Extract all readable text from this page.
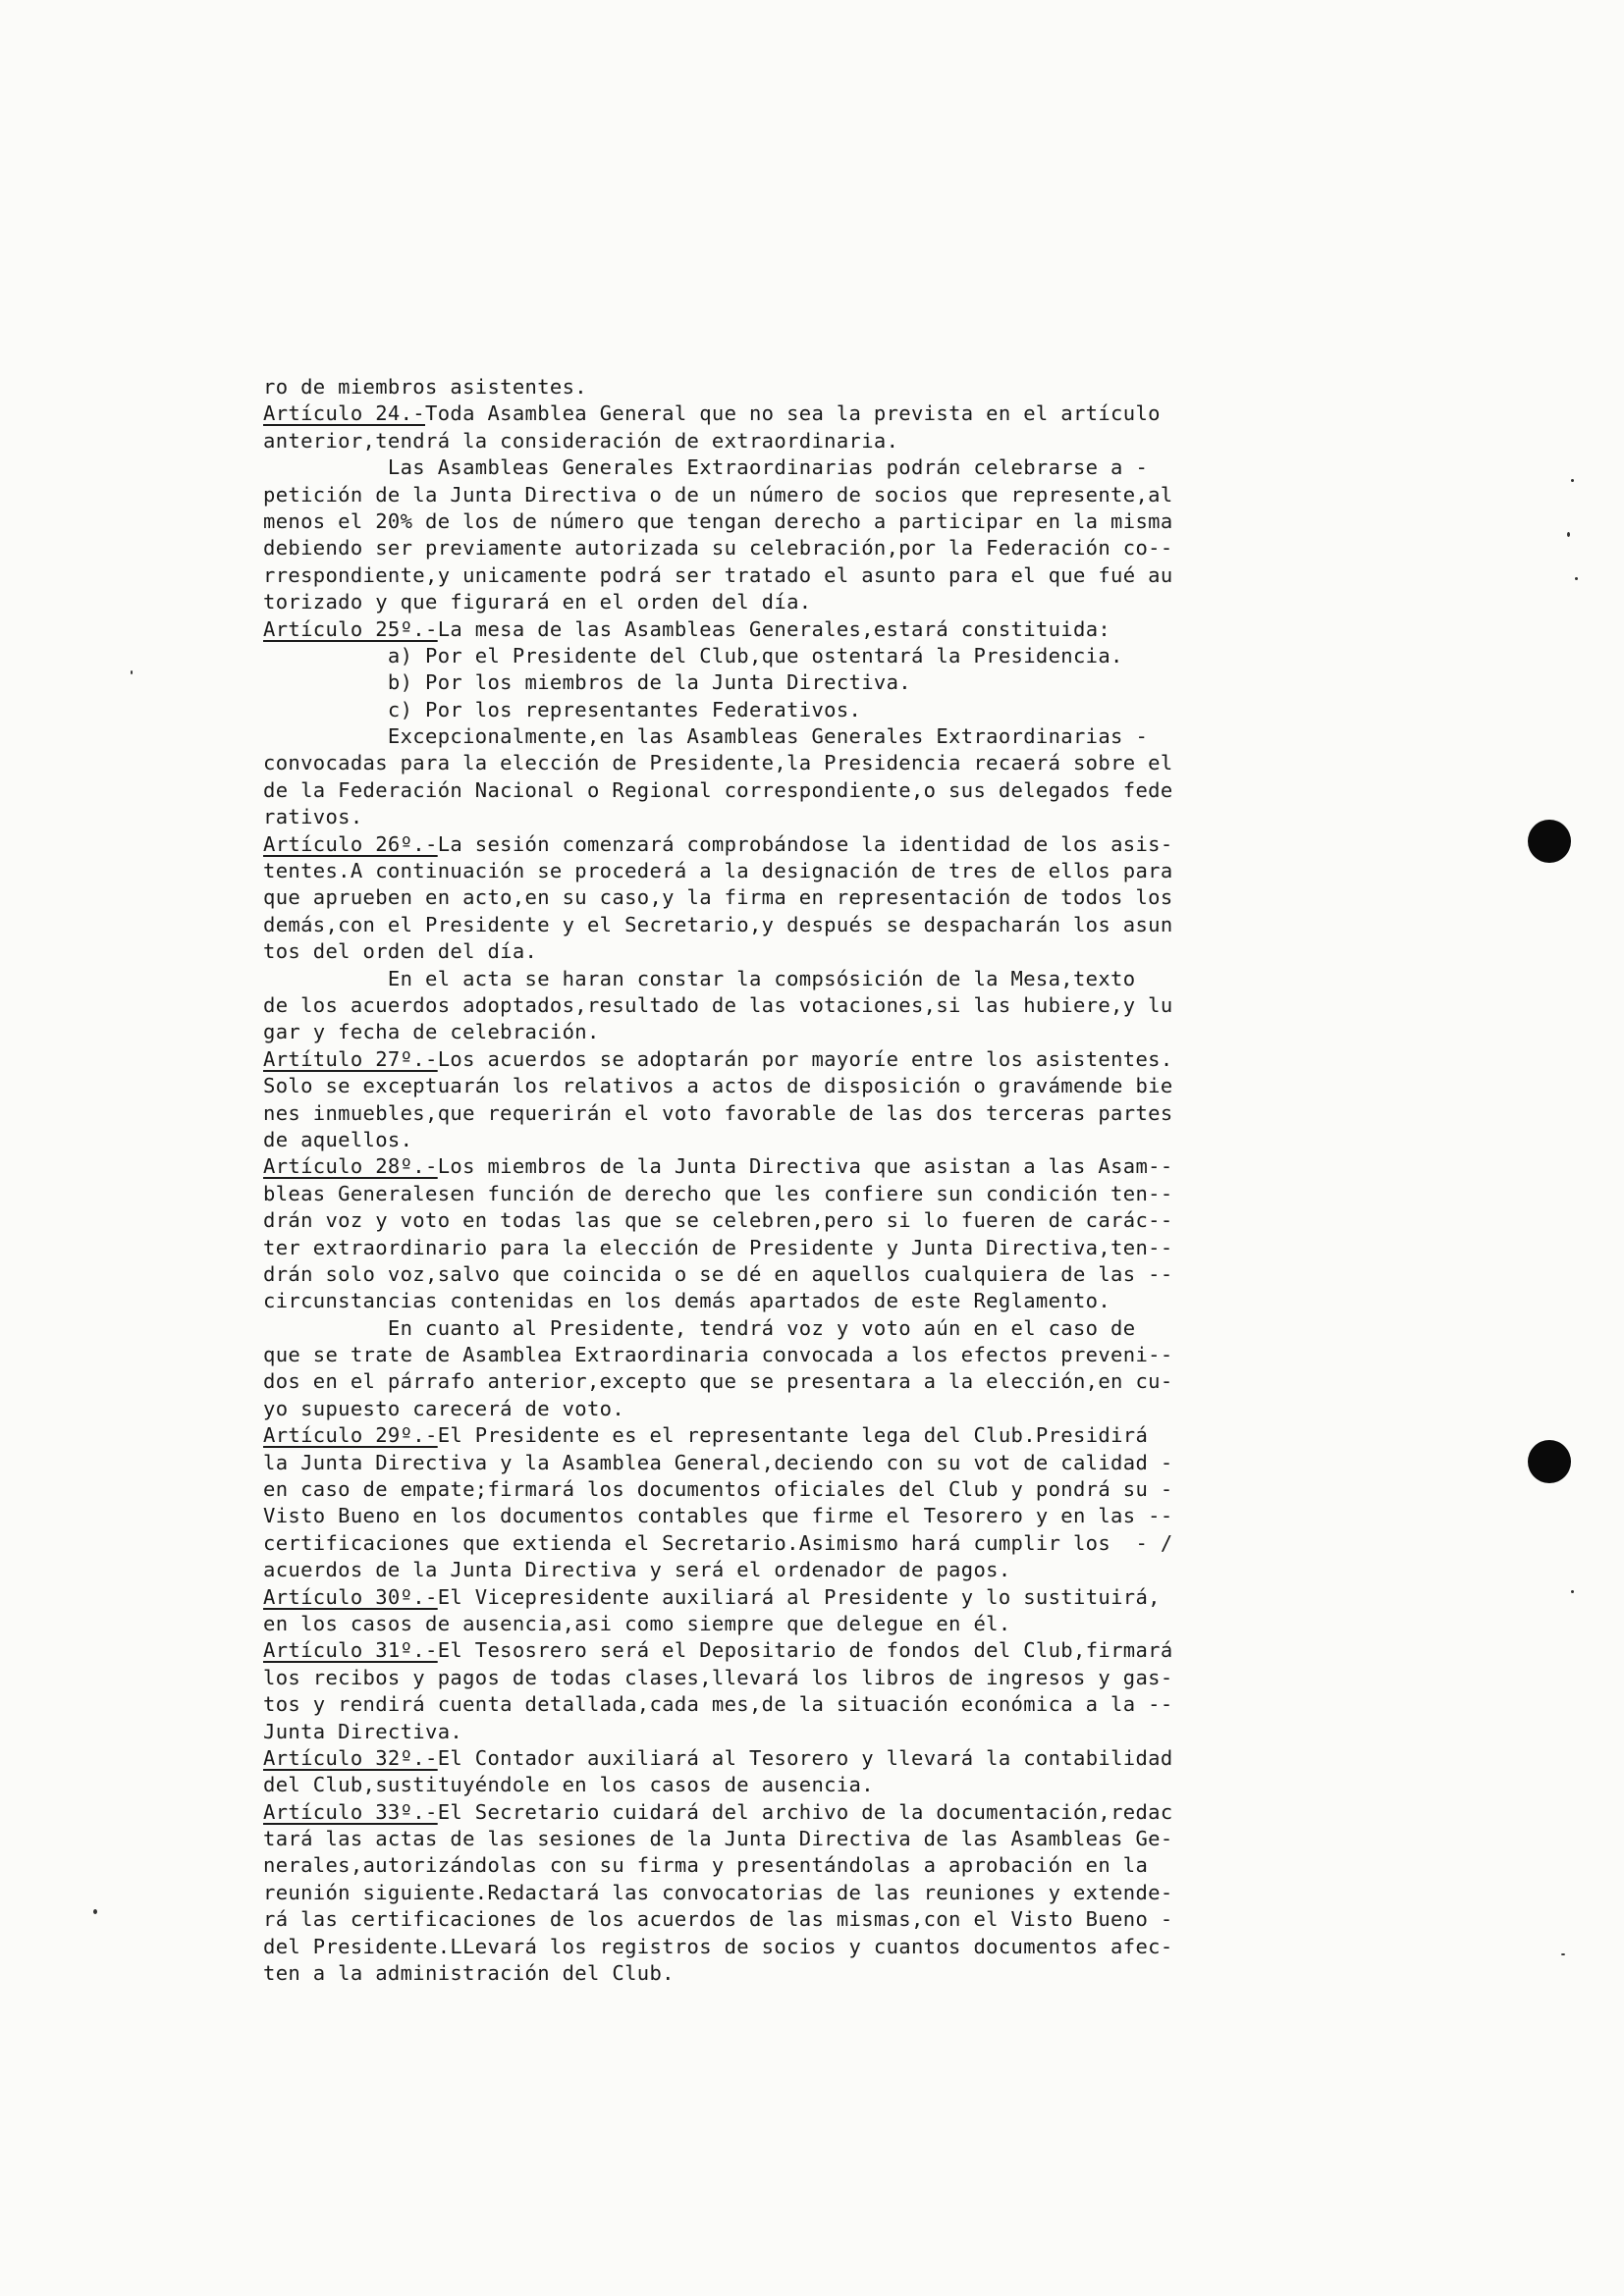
ro de miembros asistentes.
Artículo 24.-Toda Asamblea General que no sea la prevista en el artículo
anterior,tendrá la consideración de extraordinaria.
Las Asambleas Generales Extraordinarias podrán celebrarse a -
petición de la Junta Directiva o de un número de socios que represente,al
menos el 20% de los de número que tengan derecho a participar en la misma
debiendo ser previamente autorizada su celebración,por la Federación co--
rrespondiente,y unicamente podrá ser tratado el asunto para el que fué au
torizado y que figurará en el orden del día.
Artículo 25º.-La mesa de las Asambleas Generales,estará constituida:
a) Por el Presidente del Club,que ostentará la Presidencia.
b) Por los miembros de la Junta Directiva.
c) Por los representantes Federativos.
Excepcionalmente,en las Asambleas Generales Extraordinarias -
convocadas para la elección de Presidente,la Presidencia recaerá sobre el
de la Federación Nacional o Regional correspondiente,o sus delegados fede
rativos.
Artículo 26º.-La sesión comenzará comprobándose la identidad de los asis-
tentes.A continuación se procederá a la designación de tres de ellos para
que aprueben en acto,en su caso,y la firma en representación de todos los
demás,con el Presidente y el Secretario,y después se despacharán los asun
tos del orden del día.
En el acta se haran constar la compsósición de la Mesa,texto
de los acuerdos adoptados,resultado de las votaciones,si las hubiere,y lu
gar y fecha de celebración.
Artítulo 27º.-Los acuerdos se adoptarán por mayoríe entre los asistentes.
Solo se exceptuarán los relativos a actos de disposición o gravámende bie
nes inmuebles,que requerirán el voto favorable de las dos terceras partes
de aquellos.
Artículo 28º.-Los miembros de la Junta Directiva que asistan a las Asam--
bleas Generalesen función de derecho que les confiere sun condición ten--
drán voz y voto en todas las que se celebren,pero si lo fueren de carác--
ter extraordinario para la elección de Presidente y Junta Directiva,ten--
drán solo voz,salvo que coincida o se dé en aquellos cualquiera de las --
circunstancias contenidas en los demás apartados de este Reglamento.
En cuanto al Presidente, tendrá voz y voto aún en el caso de
que se trate de Asamblea Extraordinaria convocada a los efectos preveni--
dos en el párrafo anterior,excepto que se presentara a la elección,en cu-
yo supuesto carecerá de voto.
Artículo 29º.-El Presidente es el representante lega del Club.Presidirá
la Junta Directiva y la Asamblea General,deciendo con su vot de calidad -
en caso de empate;firmará los documentos oficiales del Club y pondrá su -
Visto Bueno en los documentos contables que firme el Tesorero y en las --
certificaciones que extienda el Secretario.Asimismo hará cumplir los  - /
acuerdos de la Junta Directiva y será el ordenador de pagos.
Artículo 30º.-El Vicepresidente auxiliará al Presidente y lo sustituirá,
en los casos de ausencia,asi como siempre que delegue en él.
Artículo 31º.-El Tesosrero será el Depositario de fondos del Club,firmará
los recibos y pagos de todas clases,llevará los libros de ingresos y gas-
tos y rendirá cuenta detallada,cada mes,de la situación económica a la --
Junta Directiva.
Artículo 32º.-El Contador auxiliará al Tesorero y llevará la contabilidad
del Club,sustituyéndole en los casos de ausencia.
Artículo 33º.-El Secretario cuidará del archivo de la documentación,redac
tará las actas de las sesiones de la Junta Directiva de las Asambleas Ge-
nerales,autorizándolas con su firma y presentándolas a aprobación en la
reunión siguiente.Redactará las convocatorias de las reuniones y extende-
rá las certificaciones de los acuerdos de las mismas,con el Visto Bueno -
del Presidente.LLevará los registros de socios y cuantos documentos afec-
ten a la administración del Club.
